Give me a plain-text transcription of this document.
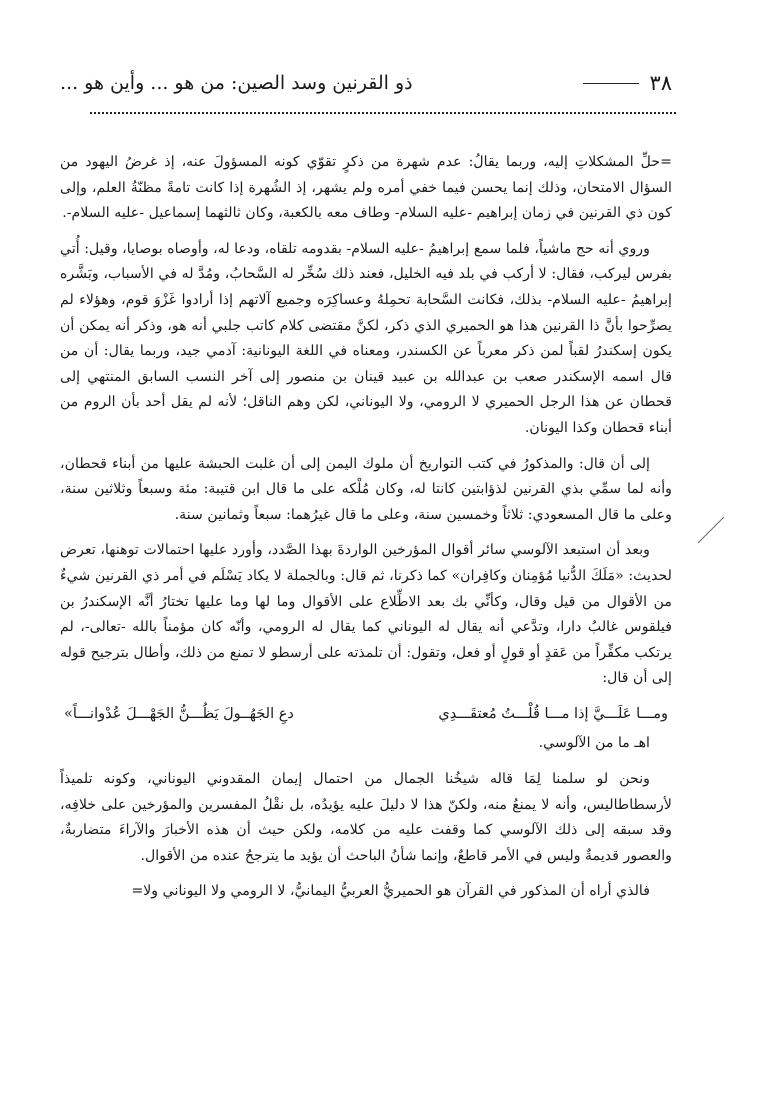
٣٨
ذو القرنين وسد الصين: من هو ... وأين هو ...

=حلِّ المشكلاتِ إليه، وربما يقالُ: عدم شهرة من ذكرٍ تقوّي كونه المسؤولَ عنه، إذ غرضُ اليهود من السؤال الامتحان، وذلك إنما يحسن فيما خفي أمره ولم يشهر، إذ الشُهرة إذا كانت تامةً مظنّةُ العلم، وإلى كون ذي القرنين في زمان إبراهيم -عليه السلام- وطاف معه بالكعبة، وكان ثالثهما إسماعيل -عليه السلام-.

وروي أنه حج ماشياً، فلما سمع إبراهيمُ -عليه السلام- بقدومه تلقاه، ودعا له، وأوصاه بوصايا، وقيل: أُتي بفرس ليركب، فقال: لا أركب في بلد فيه الخليل، فعند ذلك سُخِّر له السَّحابُ، ومُدَّ له في الأسباب، وبَشَّره إبراهيمُ -عليه السلام- بذلك، فكانت السَّحابة تحمِلهُ وعساكِرَه وجميع آلاتهم إذا أرادوا غَزْوَ قوم، وهؤلاء لم يصرِّحوا بأنَّ ذا القرنين هذا هو الحميري الذي ذكر، لكنَّ مقتضى كلام كاتب جلبي أنه هو، وذكر أنه يمكن أن يكون إسكندرُ لقباً لمن ذكر معرباً عن الكسندر، ومعناه في اللغة اليونانية: آدمي جيد، وربما يقال: أن من قال اسمه الإسكندر صعب بن عبدالله بن عبيد قينان بن منصور إلى آخر النسب السابق المنتهي إلى قحطان عن هذا الرجل الحميري لا الرومي، ولا اليوناني، لكن وهم الناقل؛ لأنه لم يقل أحد بأن الروم من أبناء قحطان وكذا اليونان.

إلى أن قال: والمذكورُ في كتب التواريخ أن ملوك اليمن إلى أن غلبت الحبشة عليها من أبناء قحطان، وأنه لما سمِّي بذي القرنين لذؤابتين كانتا له، وكان مُلْكه على ما قال ابن قتيبة: مئة وسبعاً وثلاثين سنة، وعلى ما قال المسعودي: ثلاثاً وخمسين سنة، وعلى ما قال غيرُهما: سبعاً وثمانين سنة.

وبعد أن استبعد الآلوسي سائر أقوال المؤرخين الواردةَ بهذا الصَّدد، وأورد عليها احتمالات توهنها، تعرض لحديث: «مَلَكَ الدُّنيا مُؤمِنان وكافِران» كما ذكرنا، ثم قال: وبالجملة لا يكاد يَسْلَم في أمر ذي القرنين شيءٌ من الأقوال من قيل وقال، وكأنِّي بك بعد الاطِّلاع على الأقوال وما لها وما عليها تختارُ أنَّه الإسكندرُ بن فيلقوس غالبُ دارا، وتدَّعي أنه يقال له اليوناني كما يقال له الرومي، وأنّه كان مؤمناً بالله -تعالى-، لم يرتكب مكفِّراً من عَقدٍ أو قولٍ أو فعل، وتقول: أن تلمذته على أرسطو لا تمنع من ذلك، وأطال بترجيح قوله إلى أن قال:

ومـــا عَلَـــيَّ إذا مـــا قُلْـــتُ مُعتقَـــدِي
دعِ الجَهُــولَ يَظُـــنُّ الجَهْـــلَ عُدْوانـــاً»

اهـ ما من الآلوسي.

ونحن لو سلمنا لِمَا قاله شيخُنا الجمال من احتمال إيمان المقدوني اليوناني، وكونه تلميذاً لأرسطاطاليس، وأنه لا يمنعُ منه، ولكنّ هذا لا دليلَ عليه يؤيدُه، بل نقْلُ المفسرين والمؤرخين على خلافِه، وقد سبقه إلى ذلك الآلوسي كما وقفت عليه من كلامه، ولكن حيث أن هذه الأخبارَ والآراءَ متضاربةٌ، والعصور قديمةٌ وليس في الأمر قاطعٌ، وإنما شأنُ الباحث أن يؤيد ما يترجحُ عنده من الأقوال.

فالذي أراه أن المذكور في القرآن هو الحميريُّ العربيُّ اليمانيُّ، لا الرومي ولا اليوناني ولا=
